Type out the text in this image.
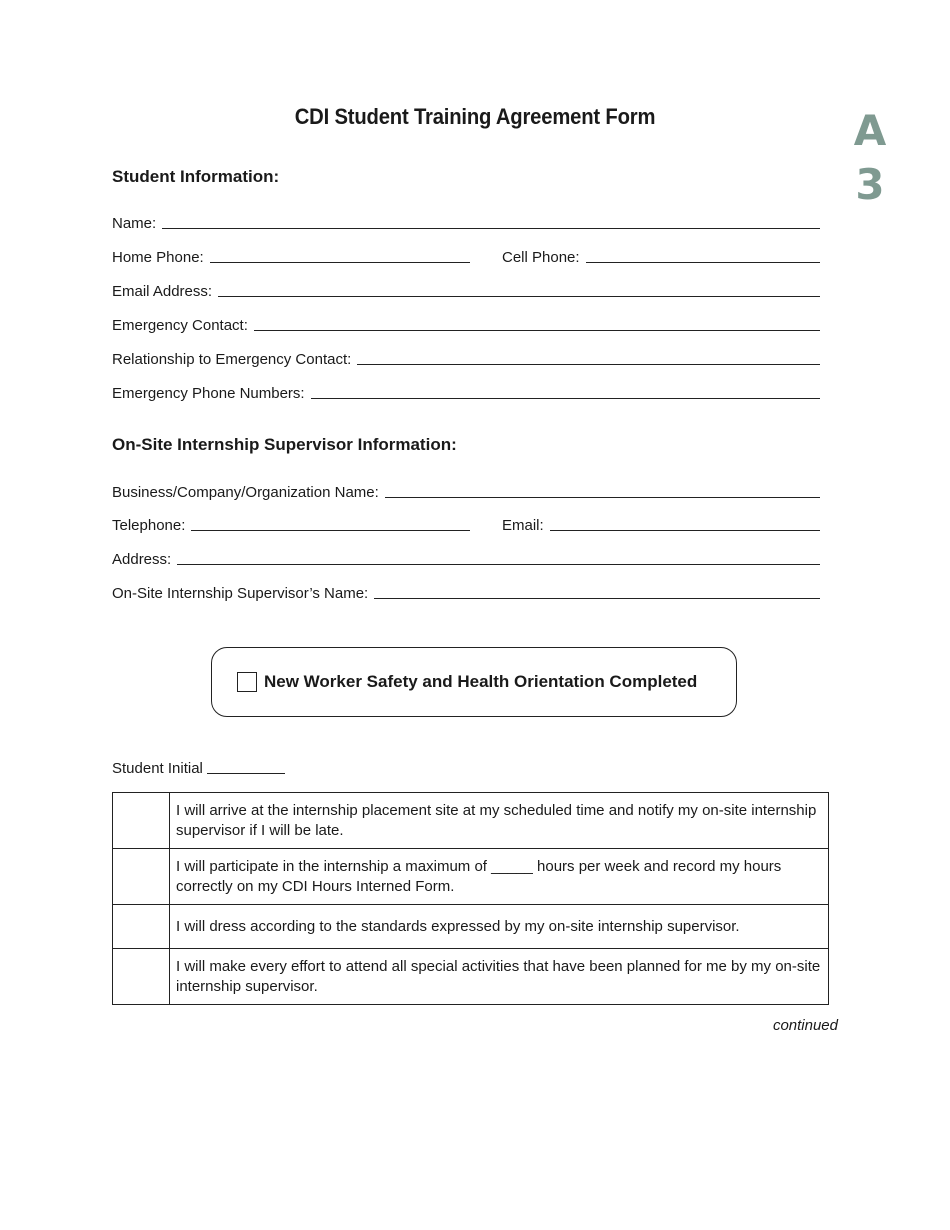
CDI Student Training Agreement Form	A
3
Student Information:
Name:
Home Phone:	Cell Phone:
Email Address:
Emergency Contact:
Relationship to Emergency Contact:
Emergency Phone Numbers:
On-Site Internship Supervisor Information:
Business/Company/Organization Name:
Telephone:	Email:
Address:
On-Site Internship Supervisor’s Name:
New Worker Safety and Health Orientation Completed
Student Initial
	I will arrive at the internship placement site at my scheduled time and notify my on-site internship supervisor if I will be late.
	I will participate in the internship a maximum of _____ hours per week and record my hours correctly on my CDI Hours Interned Form.
	I will dress according to the standards expressed by my on-site internship supervisor.
	I will make every effort to attend all special activities that have been planned for me by my on-site internship supervisor.
continued
